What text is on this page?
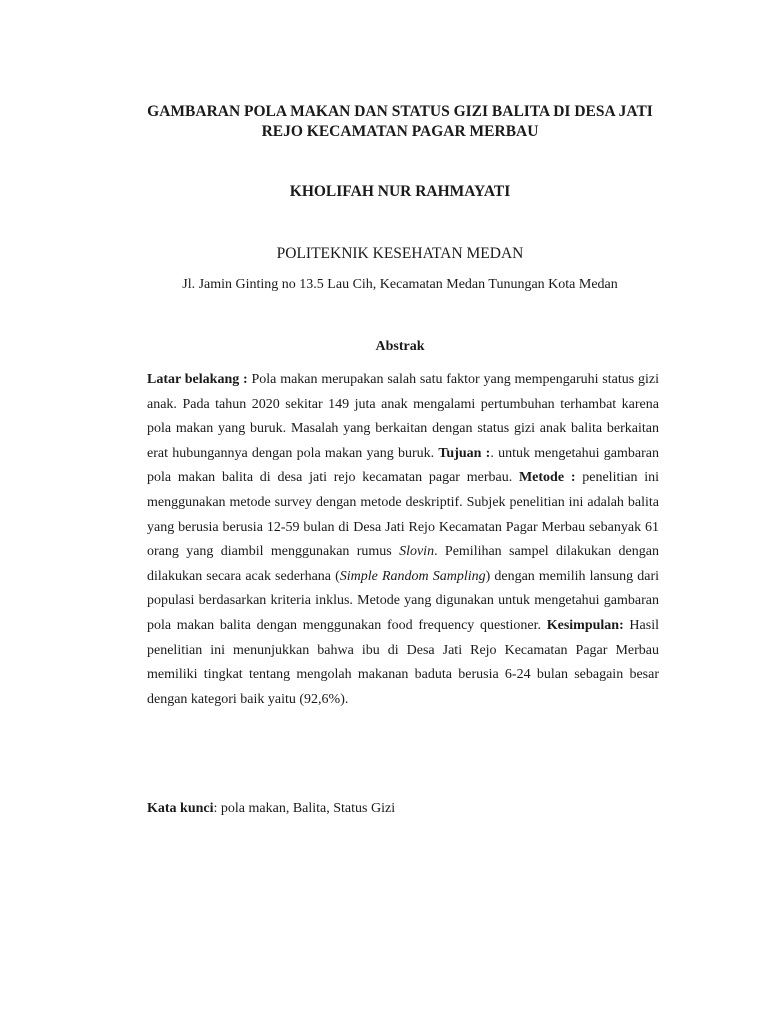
GAMBARAN POLA MAKAN DAN STATUS GIZI BALITA DI DESA JATI
REJO KECAMATAN PAGAR MERBAU
KHOLIFAH NUR RAHMAYATI
POLITEKNIK KESEHATAN MEDAN
Jl. Jamin Ginting no 13.5 Lau Cih, Kecamatan Medan Tunungan Kota Medan
Abstrak
Latar belakang : Pola makan merupakan salah satu faktor yang mempengaruhi status gizi anak. Pada tahun 2020 sekitar 149 juta anak mengalami pertumbuhan terhambat karena pola makan yang buruk. Masalah yang berkaitan dengan status gizi anak balita berkaitan erat hubungannya dengan pola makan yang buruk. Tujuan :. untuk mengetahui gambaran pola makan balita di desa jati rejo kecamatan pagar merbau. Metode : penelitian ini menggunakan metode survey dengan metode deskriptif. Subjek penelitian ini adalah balita yang berusia berusia 12-59 bulan di Desa Jati Rejo Kecamatan Pagar Merbau sebanyak 61 orang yang diambil menggunakan rumus Slovin. Pemilihan sampel dilakukan dengan dilakukan secara acak sederhana (Simple Random Sampling) dengan memilih lansung dari populasi berdasarkan kriteria inklus. Metode yang digunakan untuk mengetahui gambaran pola makan balita dengan menggunakan food frequency questioner. Kesimpulan: Hasil penelitian ini menunjukkan bahwa ibu di Desa Jati Rejo Kecamatan Pagar Merbau memiliki tingkat tentang mengolah makanan baduta berusia 6-24 bulan sebagain besar dengan kategori baik yaitu (92,6%).
Kata kunci: pola makan, Balita, Status Gizi
